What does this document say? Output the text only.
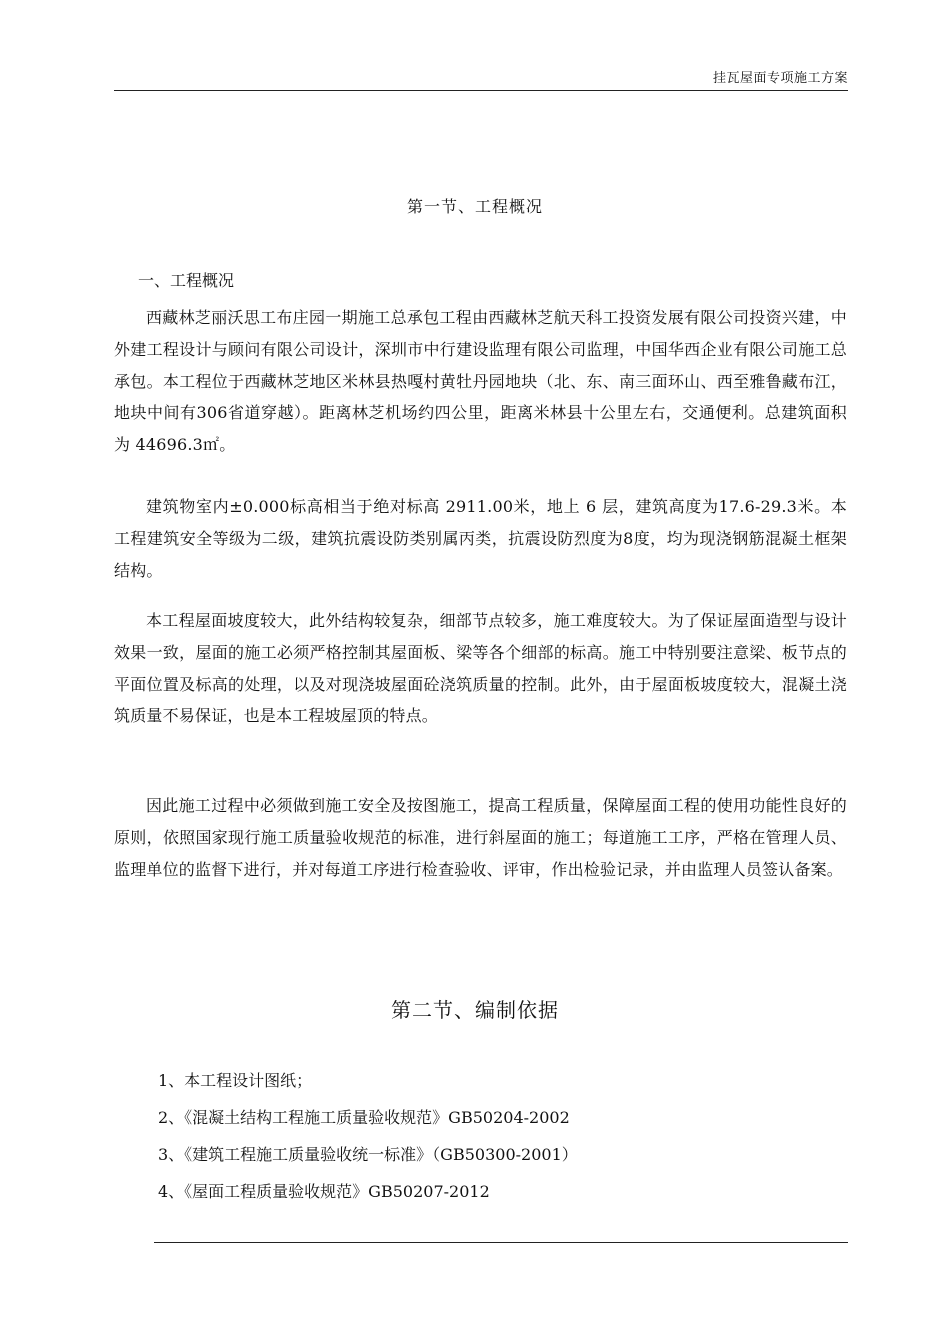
挂瓦屋面专项施工方案
第一节、工程概况
一、工程概况

西藏林芝丽沃思工布庄园一期施工总承包工程由西藏林芝航天科工投资发展有限公司投资兴建，中外建工程设计与顾问有限公司设计，深圳市中行建设监理有限公司监理，中国华西企业有限公司施工总承包。本工程位于西藏林芝地区米林县热嘎村黄牡丹园地块（北、东、南三面环山、西至雅鲁藏布江，地块中间有306省道穿越）。距离林芝机场约四公里，距离米林县十公里左右，交通便利。总建筑面积为 44696.3㎡。

建筑物室内±0.000标高相当于绝对标高 2911.00米，地上 6 层，建筑高度为17.6-29.3米。本工程建筑安全等级为二级，建筑抗震设防类别属丙类，抗震设防烈度为8度，均为现浇钢筋混凝土框架结构。

本工程屋面坡度较大，此外结构较复杂，细部节点较多，施工难度较大。为了保证屋面造型与设计效果一致，屋面的施工必须严格控制其屋面板、梁等各个细部的标高。施工中特别要注意梁、板节点的平面位置及标高的处理，以及对现浇坡屋面砼浇筑质量的控制。此外，由于屋面板坡度较大，混凝土浇筑质量不易保证，也是本工程坡屋顶的特点。

因此施工过程中必须做到施工安全及按图施工，提高工程质量，保障屋面工程的使用功能性良好的原则，依照国家现行施工质量验收规范的标准，进行斜屋面的施工；每道施工工序，严格在管理人员、监理单位的监督下进行，并对每道工序进行检查验收、评审，作出检验记录，并由监理人员签认备案。

第二节、编制依据
1、本工程设计图纸；
2、《混凝土结构工程施工质量验收规范》GB50204-2002
3、《建筑工程施工质量验收统一标准》（GB50300-2001）
4、《屋面工程质量验收规范》GB50207-2012
